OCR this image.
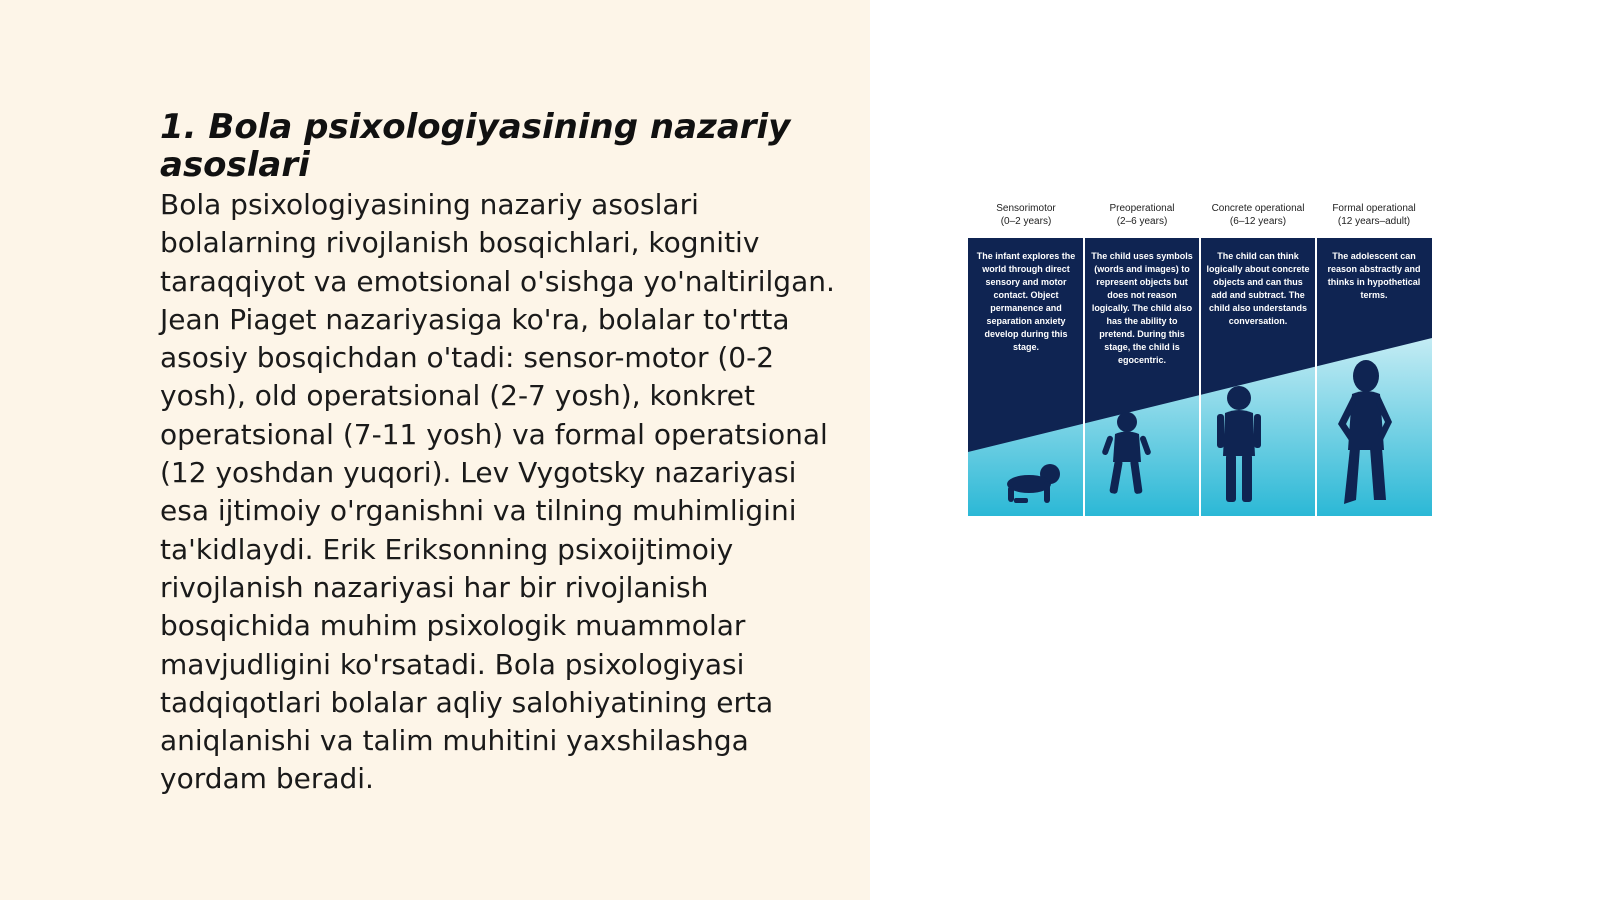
1. Bola psixologiyasining nazariy asoslari

Bola psixologiyasining nazariy asoslari bolalarning rivojlanish bosqichlari, kognitiv taraqqiyot va emotsional o'sishga yo'naltirilgan. Jean Piaget nazariyasiga ko'ra, bolalar to'rtta asosiy bosqichdan o'tadi: sensor-motor (0-2 yosh), old operatsional (2-7 yosh), konkret operatsional (7-11 yosh) va formal operatsional (12 yoshdan yuqori). Lev Vygotsky nazariyasi esa ijtimoiy o'rganishni va tilning muhimligini ta'kidlaydi. Erik Eriksonning psixoijtimoiy rivojlanish nazariyasi har bir rivojlanish bosqichida muhim psixologik muammolar mavjudligini ko'rsatadi. Bola psixologiyasi tadqiqotlari bolalar aqliy salohiyatining erta aniqlanishi va talim muhitini yaxshilashga yordam beradi.

Sensorimotor
(0–2 years)
Preoperational
(2–6 years)
Concrete operational
(6–12 years)
Formal operational
(12 years–adult)
The infant explores the world through direct sensory and motor contact. Object permanence and separation anxiety develop during this stage.
The child uses symbols (words and images) to represent objects but does not reason logically. The child also has the ability to pretend. During this stage, the child is egocentric.
The child can think logically about concrete objects and can thus add and subtract. The child also understands conversation.
The adolescent can reason abstractly and thinks in hypothetical terms.
